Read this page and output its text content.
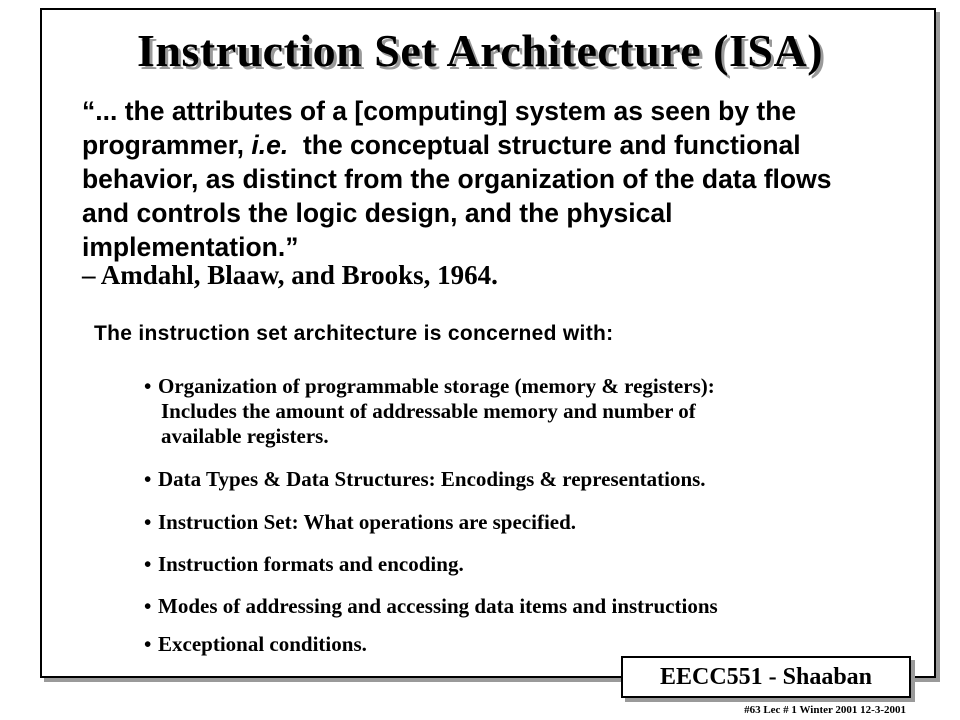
Instruction Set Architecture (ISA)

“... the attributes of a [computing] system as seen by the
programmer, i.e. the conceptual structure and functional
behavior, as distinct from the organization of the data flows
and controls the logic design, and the physical
implementation.”

– Amdahl, Blaaw, and Brooks, 1964.
The instruction set architecture is concerned with:
• Organization of programmable storage (memory & registers):
Includes the amount of addressable memory and number of
available registers.
• Data Types & Data Structures: Encodings & representations.
• Instruction Set: What operations are specified.
• Instruction formats and encoding.
• Modes of addressing and accessing data items and instructions
• Exceptional conditions.
EECC551 - Shaaban
#63 Lec # 1 Winter 2001 12-3-2001
